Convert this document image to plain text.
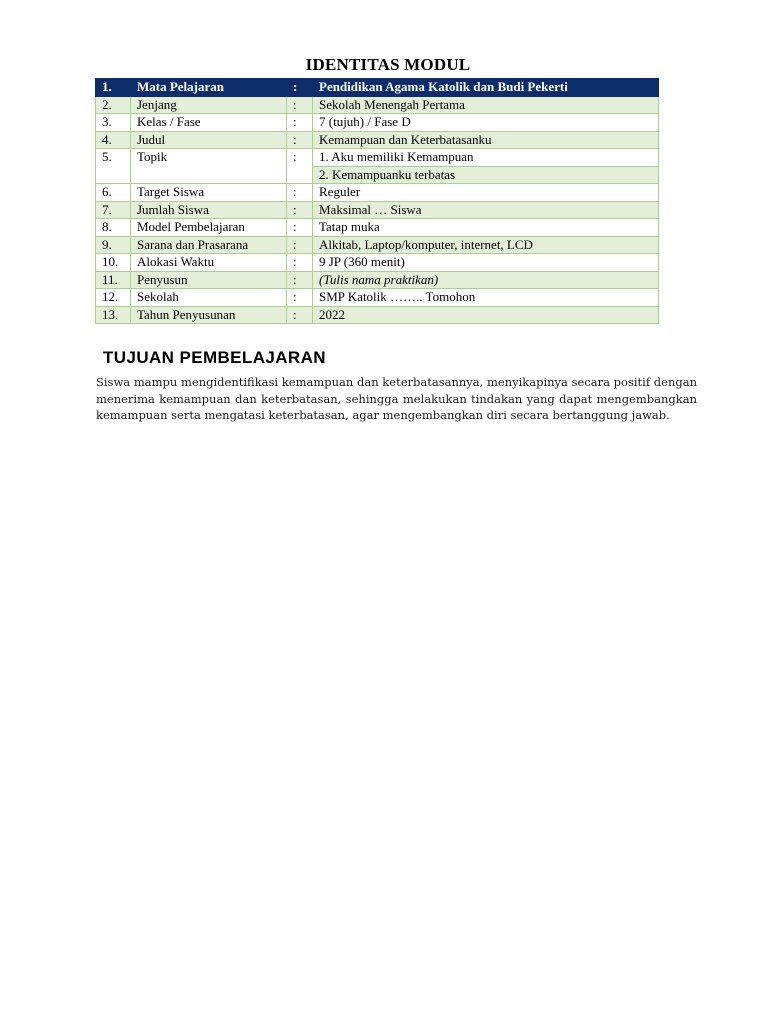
IDENTITAS MODUL
1.	Mata Pelajaran	:	Pendidikan Agama Katolik dan Budi Pekerti
2.	Jenjang	:	Sekolah Menengah Pertama
3.	Kelas / Fase	:	7 (tujuh) / Fase D
4.	Judul	:	Kemampuan dan Keterbatasanku
5.	Topik	:	1. Aku memiliki Kemampuan
2. Kemampuanku terbatas

6.	Target Siswa	:	Reguler
7.	Jumlah Siswa	:	Maksimal … Siswa
8.	Model Pembelajaran	:	Tatap muka
9.	Sarana dan Prasarana	:	Alkitab, Laptop/komputer, internet, LCD
10.	Alokasi Waktu	:	9 JP (360 menit)
11.	Penyusun	:	(Tulis nama praktikan)
12.	Sekolah	:	SMP Katolik …….. Tomohon
13.	Tahun Penyusunan	:	2022
TUJUAN PEMBELAJARAN
Siswa mampu mengidentifikasi kemampuan dan keterbatasannya, menyikapinya secara positif dengan menerima kemampuan dan keterbatasan, sehingga melakukan tindakan yang dapat mengembangkan kemampuan serta mengatasi keterbatasan, agar mengembangkan diri secara bertanggung jawab.
